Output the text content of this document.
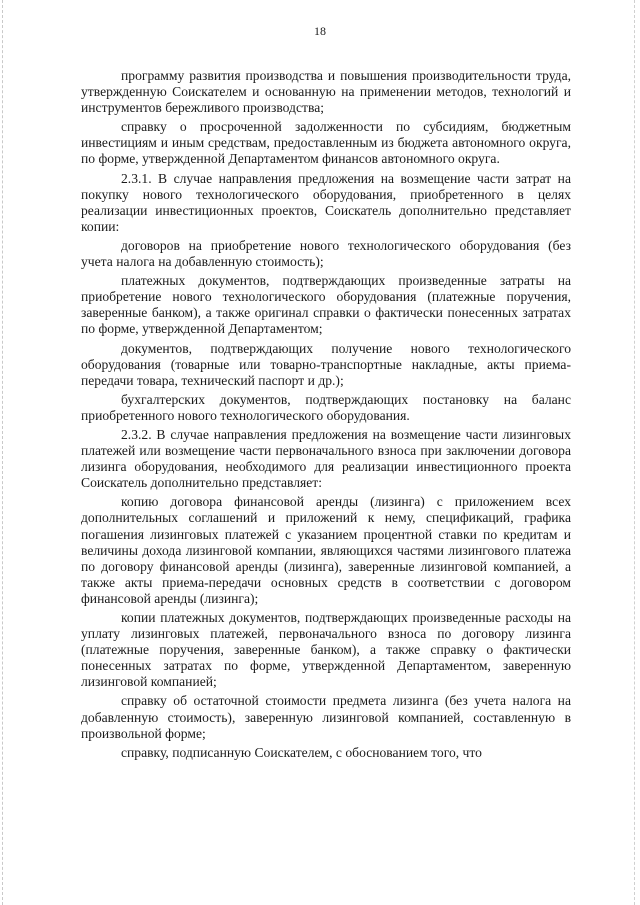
18

программу развития производства и повышения производительности труда, утвержденную Соискателем и основанную на применении методов, технологий и инструментов бережливого производства;

справку о просроченной задолженности по субсидиям, бюджетным инвестициям и иным средствам, предоставленным из бюджета автономного округа, по форме, утвержденной Департаментом финансов автономного округа.

2.3.1. В случае направления предложения на возмещение части затрат на покупку нового технологического оборудования, приобретенного в целях реализации инвестиционных проектов, Соискатель дополнительно представляет копии:

договоров на приобретение нового технологического оборудования (без учета налога на добавленную стоимость);

платежных документов, подтверждающих произведенные затраты на приобретение нового технологического оборудования (платежные поручения, заверенные банком), а также оригинал справки о фактически понесенных затратах по форме, утвержденной Департаментом;

документов, подтверждающих получение нового технологического оборудования (товарные или товарно-транспортные накладные, акты приема-передачи товара, технический паспорт и др.);

бухгалтерских документов, подтверждающих постановку на баланс приобретенного нового технологического оборудования.

2.3.2. В случае направления предложения на возмещение части лизинговых платежей или возмещение части первоначального взноса при заключении договора лизинга оборудования, необходимого для реализации инвестиционного проекта Соискатель дополнительно представляет:

копию договора финансовой аренды (лизинга) с приложением всех дополнительных соглашений и приложений к нему, спецификаций, графика погашения лизинговых платежей с указанием процентной ставки по кредитам и величины дохода лизинговой компании, являющихся частями лизингового платежа по договору финансовой аренды (лизинга), заверенные лизинговой компанией, а также акты приема-передачи основных средств в соответствии с договором финансовой аренды (лизинга);

копии платежных документов, подтверждающих произведенные расходы на уплату лизинговых платежей, первоначального взноса по договору лизинга (платежные поручения, заверенные банком), а также справку о фактически понесенных затратах по форме, утвержденной Департаментом, заверенную лизинговой компанией;

справку об остаточной стоимости предмета лизинга (без учета налога на добавленную стоимость), заверенную лизинговой компанией, составленную в произвольной форме;

справку, подписанную Соискателем, с обоснованием того, что
